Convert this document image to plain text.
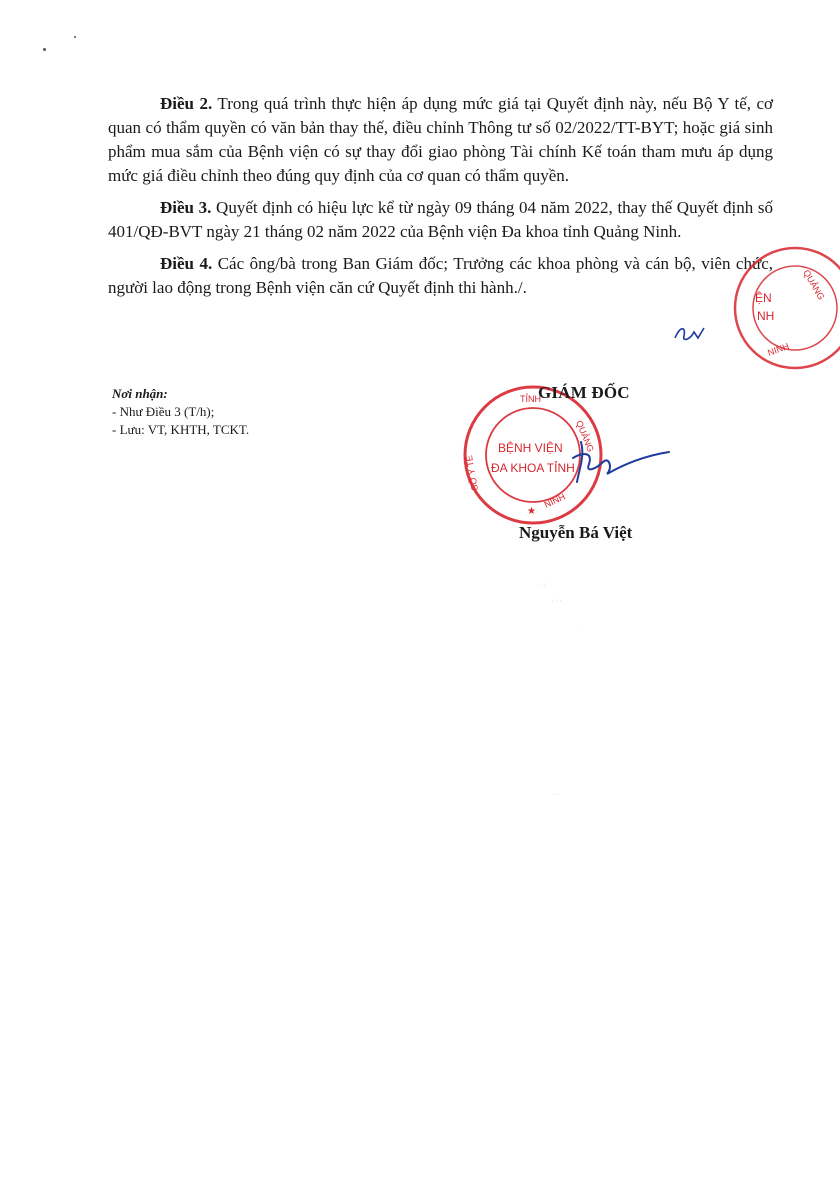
Điều 2. Trong quá trình thực hiện áp dụng mức giá tại Quyết định này, nếu Bộ Y tế, cơ quan có thẩm quyền có văn bản thay thế, điều chỉnh Thông tư số 02/2022/TT-BYT; hoặc giá sinh phẩm mua sắm của Bệnh viện có sự thay đổi giao phòng Tài chính Kế toán tham mưu áp dụng mức giá điều chỉnh theo đúng quy định của cơ quan có thẩm quyền.

Điều 3. Quyết định có hiệu lực kể từ ngày 09 tháng 04 năm 2022, thay thế Quyết định số 401/QĐ-BVT ngày 21 tháng 02 năm 2022 của Bệnh viện Đa khoa tỉnh Quảng Ninh.

Điều 4. Các ông/bà trong Ban Giám đốc; Trưởng các khoa phòng và cán bộ, viên chức, người lao động trong Bệnh viện căn cứ Quyết định thi hành./.

ỆN
NH
QUẢNG
NINH
Nơi nhận:
- Như Điều 3 (T/h);
- Lưu: VT, KHTH, TCKT.
TỈNH
QUẢNG
NINH
SỞ Y TẾ
BỆNH VIỆN
ĐA KHOA TỈNH
★
GIÁM ĐỐC
Nguyễn Bá Việt
· :
: · ·
·
· ·
